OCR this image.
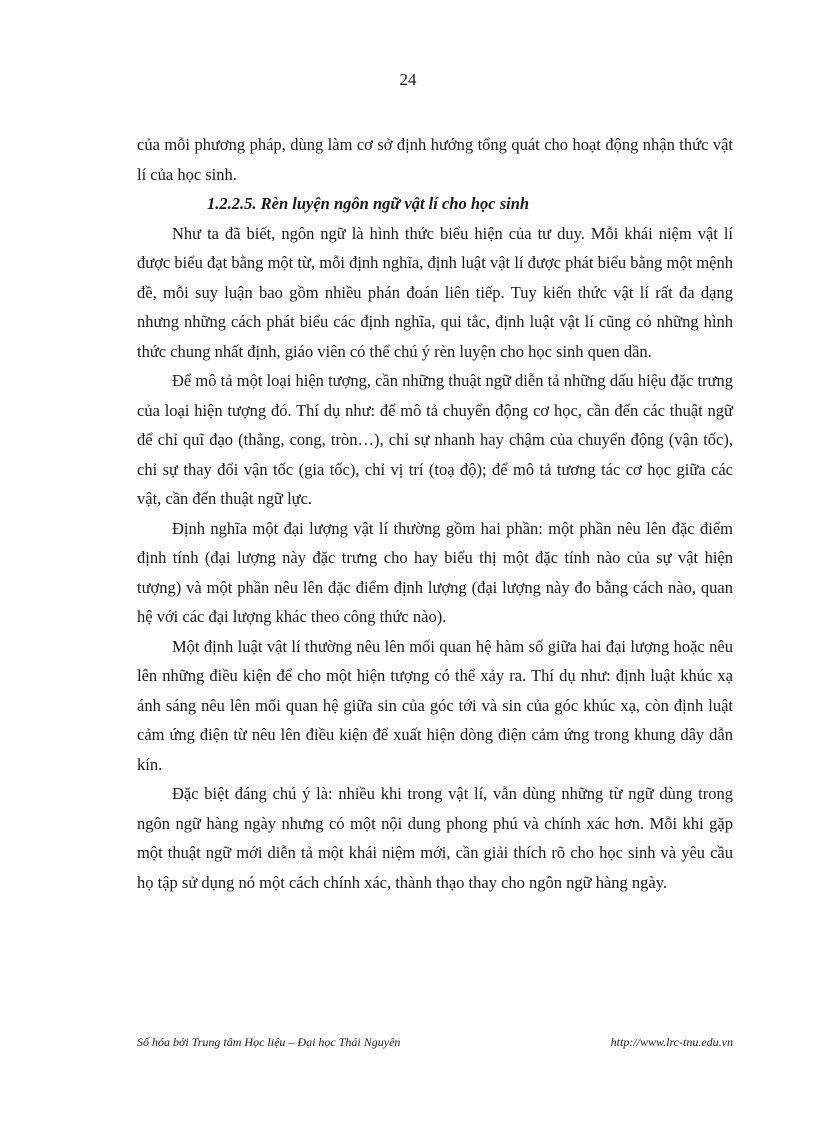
24

của mỗi phương pháp, dùng làm cơ sở định hướng tổng quát cho hoạt động nhận thức vật lí của học sinh.

1.2.2.5. Rèn luyện ngôn ngữ vật lí cho học sinh

Như ta đã biết, ngôn ngữ là hình thức biểu hiện của tư duy. Mỗi khái niệm vật lí được biểu đạt bằng một từ, mỗi định nghĩa, định luật vật lí được phát biểu bằng một mệnh đề, mỗi suy luận bao gồm nhiều phán đoán liên tiếp. Tuy kiến thức vật lí rất đa dạng nhưng những cách phát biểu các định nghĩa, qui tắc, định luật vật lí cũng có những hình thức chung nhất định, giáo viên có thể chú ý rèn luyện cho học sinh quen dần.

Để mô tả một loại hiện tượng, cần những thuật ngữ diễn tả những dấu hiệu đặc trưng của loại hiện tượng đó. Thí dụ như: để mô tả chuyển động cơ học, cần đến các thuật ngữ để chỉ quĩ đạo (thẳng, cong, tròn…), chỉ sự nhanh hay chậm của chuyển động (vận tốc), chỉ sự thay đổi vận tốc (gia tốc), chỉ vị trí (toạ độ); để mô tả tương tác cơ học giữa các vật, cần đến thuật ngữ lực.

Định nghĩa một đại lượng vật lí thường gồm hai phần: một phần nêu lên đặc điểm định tính (đại lượng này đặc trưng cho hay biểu thị một đặc tính nào của sự vật hiện tượng) và một phần nêu lên đặc điểm định lượng (đại lượng này đo bằng cách nào, quan hệ với các đại lượng khác theo công thức nào).

Một định luật vật lí thường nêu lên mối quan hệ hàm số giữa hai đại lượng hoặc nêu lên những điều kiện để cho một hiện tượng có thể xảy ra. Thí dụ như: định luật khúc xạ ánh sáng nêu lên mối quan hệ giữa sin của góc tới và sin của góc khúc xạ, còn định luật cảm ứng điện từ nêu lên điều kiện để xuất hiện dòng điện cảm ứng trong khung dây dẫn kín.

Đặc biệt đáng chú ý là: nhiều khi trong vật lí, vẫn dùng những từ ngữ dùng trong ngôn ngữ hàng ngày nhưng có một nội dung phong phú và chính xác hơn. Mỗi khi gặp một thuật ngữ mới diễn tả một khái niệm mới, cần giải thích rõ cho học sinh và yêu cầu họ tập sử dụng nó một cách chính xác, thành thạo thay cho ngôn ngữ hàng ngày.

Số hóa bởi Trung tâm Học liệu – Đại học Thái Nguyên	http://www.lrc-tnu.edu.vn
